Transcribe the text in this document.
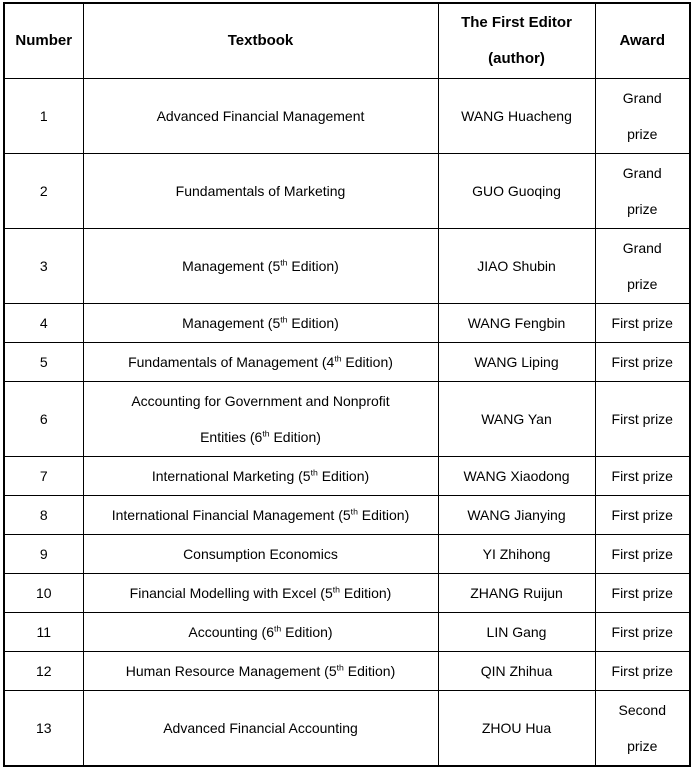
Number	Textbook	The First Editor
(author)	Award
1	Advanced Financial Management	WANG Huacheng	Grand
prize
2	Fundamentals of Marketing	GUO Guoqing	Grand
prize
3	Management (5th Edition)	JIAO Shubin	Grand
prize
4	Management (5th Edition)	WANG Fengbin	First prize
5	Fundamentals of Management (4th Edition)	WANG Liping	First prize
6	Accounting for Government and Nonprofit
Entities (6th Edition)	WANG Yan	First prize
7	International Marketing (5th Edition)	WANG Xiaodong	First prize
8	International Financial Management (5th Edition)	WANG Jianying	First prize
9	Consumption Economics	YI Zhihong	First prize
10	Financial Modelling with Excel (5th Edition)	ZHANG Ruijun	First prize
11	Accounting (6th Edition)	LIN Gang	First prize
12	Human Resource Management (5th Edition)	QIN Zhihua	First prize
13	Advanced Financial Accounting	ZHOU Hua	Second
prize
